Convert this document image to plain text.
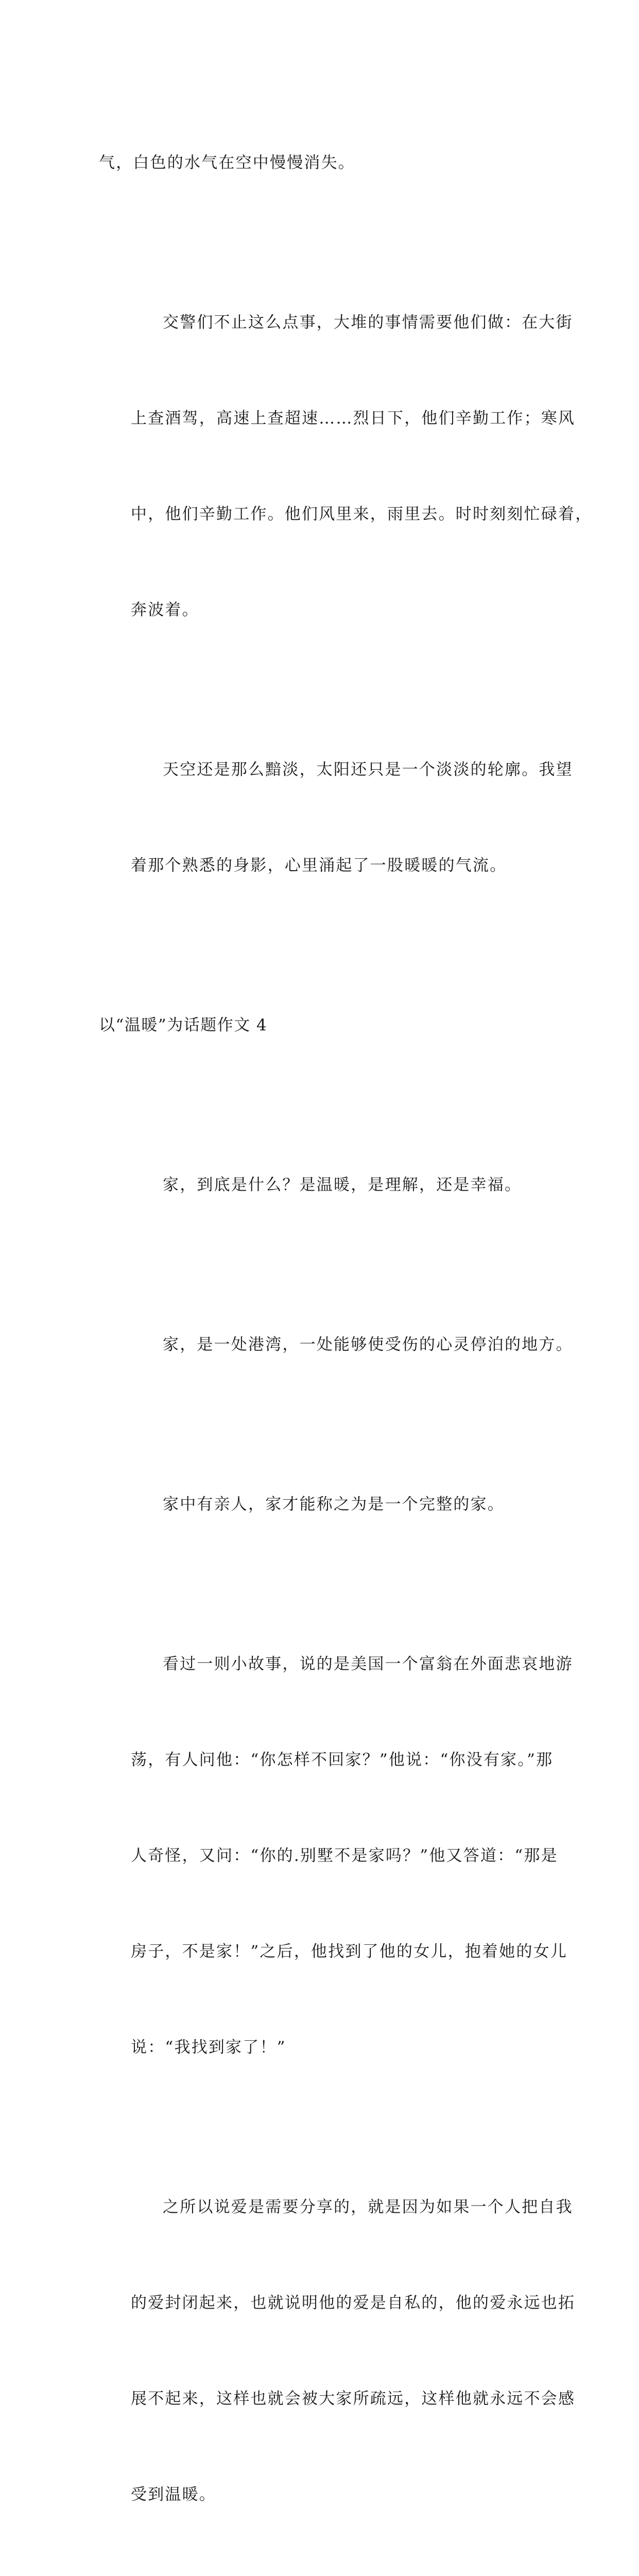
气，白色的水气在空中慢慢消失。

交警们不止这么点事，大堆的事情需要他们做：在大街

上查酒驾，高速上查超速……烈日下，他们辛勤工作；寒风

中，他们辛勤工作。他们风里来，雨里去。时时刻刻忙碌着，

奔波着。

天空还是那么黯淡，太阳还只是一个淡淡的轮廓。我望

着那个熟悉的身影，心里涌起了一股暖暖的气流。

以“温暖”为话题作文 4

家，到底是什么？是温暖，是理解，还是幸福。

家，是一处港湾，一处能够使受伤的心灵停泊的地方。

家中有亲人，家才能称之为是一个完整的家。

看过一则小故事，说的是美国一个富翁在外面悲哀地游

荡，有人问他：“你怎样不回家？”他说：“你没有家。”那

人奇怪，又问：“你的.别墅不是家吗？”他又答道：“那是

房子，不是家！”之后，他找到了他的女儿，抱着她的女儿

说：“我找到家了！”

之所以说爱是需要分享的，就是因为如果一个人把自我

的爱封闭起来，也就说明他的爱是自私的，他的爱永远也拓

展不起来，这样也就会被大家所疏远，这样他就永远不会感

受到温暖。
